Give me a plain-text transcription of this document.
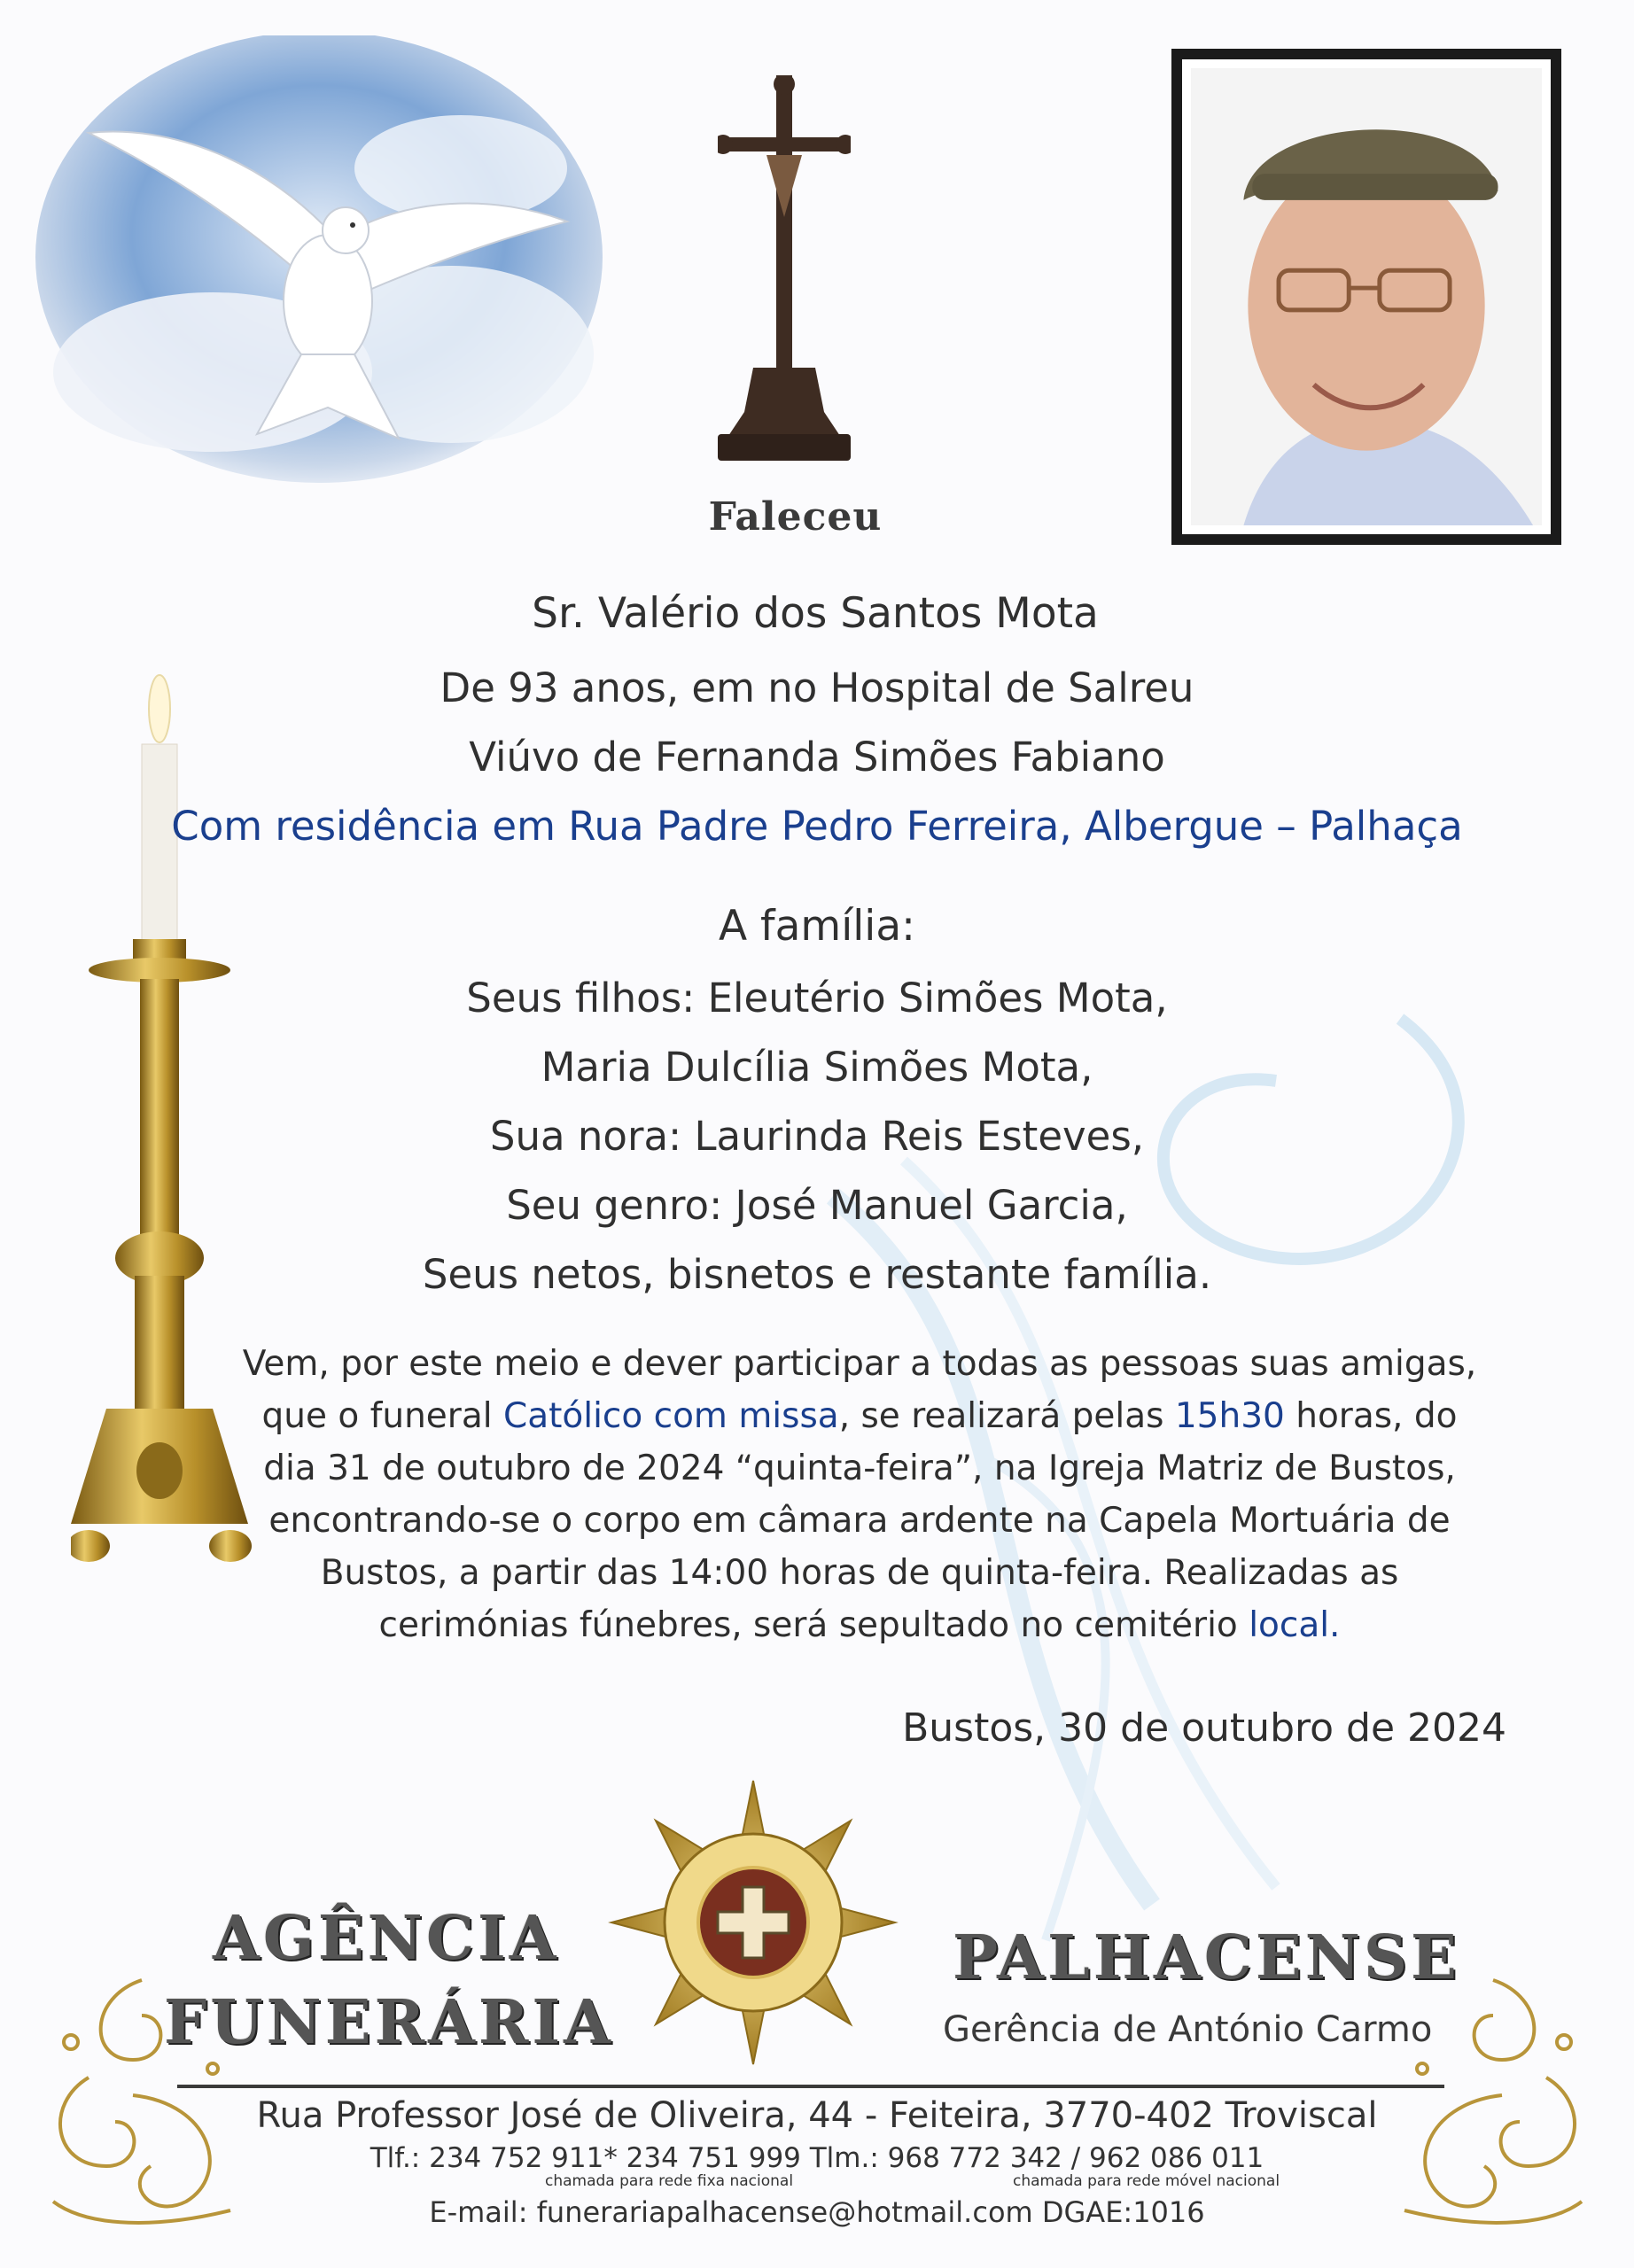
Faleceu
Sr. Valério dos Santos Mota
De 93 anos, em no Hospital de Salreu
Viúvo de Fernanda Simões Fabiano
Com residência em Rua Padre Pedro Ferreira, Albergue – Palhaça
A família:
Seus filhos: Eleutério Simões Mota,
Maria Dulcília Simões Mota,
Sua nora: Laurinda Reis Esteves,
Seu genro: José Manuel Garcia,
Seus netos, bisnetos e restante família.
Vem, por este meio e dever participar a todas as pessoas suas amigas, que o funeral Católico com missa, se realizará pelas 15h30 horas, do dia 31 de outubro de 2024 “quinta-feira”, na Igreja Matriz de Bustos, encontrando-se o corpo em câmara ardente na Capela Mortuária de Bustos, a partir das 14:00 horas de quinta-feira. Realizadas as cerimónias fúnebres, será sepultado no cemitério local.
Bustos, 30 de outubro de 2024
AGÊNCIA
FUNERÁRIA
PALHACENSE
Gerência de António Carmo
Rua Professor José de Oliveira, 44 - Feiteira, 3770-402 Troviscal
Tlf.: 234 752 911* 234 751 999 Tlm.: 968 772 342 / 962 086 011
chamada para rede fixa nacional	chamada para rede móvel nacional
E-mail: funerariapalhacense@hotmail.com DGAE:1016
